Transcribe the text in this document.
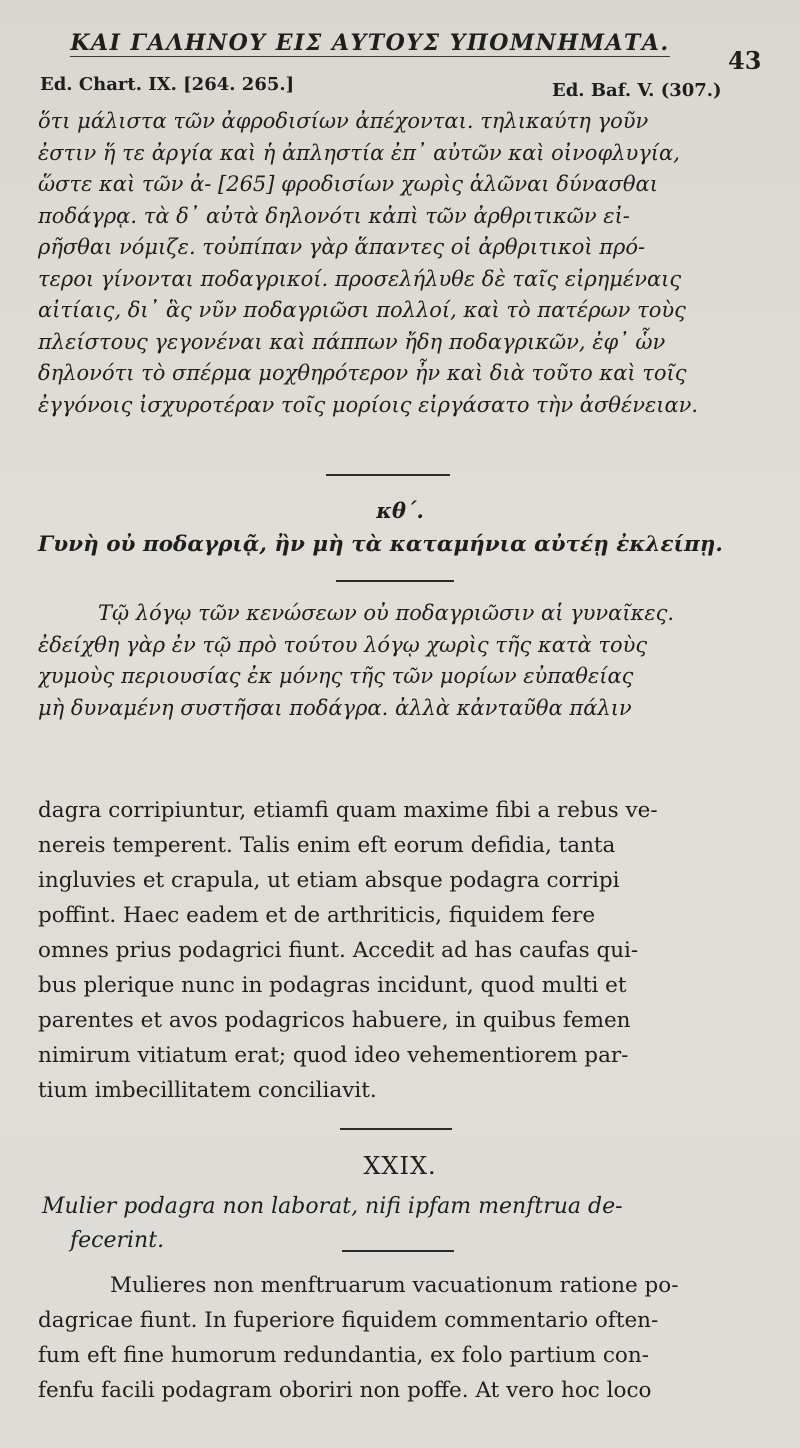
ΚΑΙ ΓΑΛΗΝΟΥ ΕΙΣ ΑΥΤΟΥΣ ΥΠΟΜΝΗΜΑΤΑ.
43
Ed. Chart. IX. [264. 265.]	Ed. Baf. V. (307.)
ὅτι μάλιστα τῶν ἀφροδισίων ἀπέχονται. τηλικαύτη γοῦν
ἐστιν ἥ τε ἀργία καὶ ἡ ἀπληστία ἐπ᾽ αὐτῶν καὶ οἰνοφλυγία,
ὥστε καὶ τῶν ἀ- [265] φροδισίων χωρὶς ἁλῶναι δύνασθαι
ποδάγρᾳ. τὰ δ᾽ αὐτὰ δηλονότι κἀπὶ τῶν ἀρθριτικῶν εἰ-
ρῆσθαι νόμιζε. τοὐπίπαν γὰρ ἅπαντες οἱ ἀρθριτικοὶ πρό-
τεροι γίνονται ποδαγρικοί. προσελήλυθε δὲ ταῖς εἰρημέναις
αἰτίαις, δι᾽ ἃς νῦν ποδαγριῶσι πολλοί, καὶ τὸ πατέρων τοὺς
πλείστους γεγονέναι καὶ πάππων ἤδη ποδαγρικῶν, ἐφ᾽ ὧν
δηλονότι τὸ σπέρμα μοχθηρότερον ἦν καὶ διὰ τοῦτο καὶ τοῖς
ἐγγόνοις ἰσχυροτέραν τοῖς μορίοις εἰργάσατο τὴν ἀσθένειαν.
κθ΄.
Γυνὴ οὐ ποδαγριᾷ, ἢν μὴ τὰ καταμήνια αὐτέῃ ἐκλείπῃ.
Τῷ λόγῳ τῶν κενώσεων οὐ ποδαγριῶσιν αἱ γυναῖκες.
ἐδείχθη γὰρ ἐν τῷ πρὸ τούτου λόγῳ χωρὶς τῆς κατὰ τοὺς
χυμοὺς περιουσίας ἐκ μόνης τῆς τῶν μορίων εὐπαθείας
μὴ δυναμένη συστῆσαι ποδάγρα. ἀλλὰ κἀνταῦθα πάλιν
dagra corripiuntur, etiamfi quam maxime fibi a rebus ve-
nereis temperent. Talis enim eft eorum defidia, tanta
ingluvies et crapula, ut etiam absque podagra corripi
poffint. Haec eadem et de arthriticis, fiquidem fere
omnes prius podagrici fiunt. Accedit ad has caufas qui-
bus plerique nunc in podagras incidunt, quod multi et
parentes et avos podagricos habuere, in quibus femen
nimirum vitiatum erat; quod ideo vehementiorem par-
tium imbecillitatem conciliavit.
XXIX.
Mulier podagra non laborat, nifi ipfam menftrua de-
fecerint.
Mulieres non menftruarum vacuationum ratione po-
dagricae fiunt. In fuperiore fiquidem commentario often-
fum eft fine humorum redundantia, ex folo partium con-
fenfu facili podagram oboriri non poffe. At vero hoc loco
